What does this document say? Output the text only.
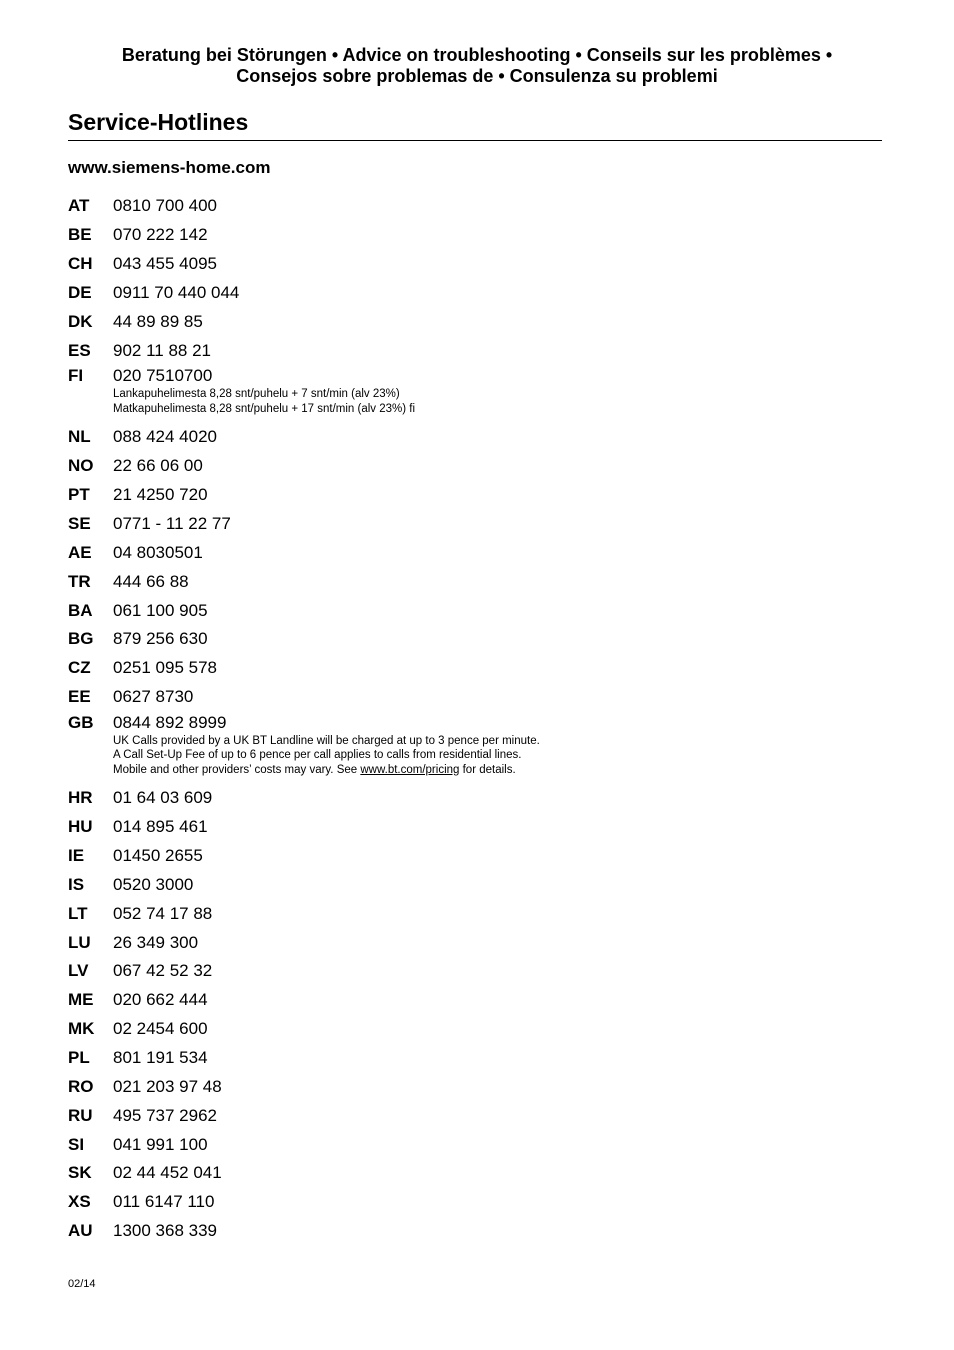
Beratung bei Störungen • Advice on troubleshooting • Conseils sur les problèmes •
Consejos sobre problemas de • Consulenza su problemi
Service-Hotlines
www.siemens-home.com
AT	0810 700 400
BE	070 222 142
CH	043 455 4095
DE	0911 70 440 044
DK	44 89 89 85
ES	902 11 88 21
FI	020 7510700
Lankapuhelimesta 8,28 snt/puhelu + 7 snt/min (alv 23%)
Matkapuhelimesta 8,28 snt/puhelu + 17 snt/min (alv 23%) fi
NL	088 424 4020
NO	22 66 06 00
PT	21 4250 720
SE	0771 - 11 22 77
AE	04 8030501
TR	444 66 88
BA	061 100 905
BG	879 256 630
CZ	0251 095 578
EE	0627 8730
GB	0844 892 8999
UK Calls provided by a UK BT Landline will be charged at up to 3 pence per minute.
A Call Set-Up Fee of up to 6 pence per call applies to calls from residential lines.
Mobile and other providers’ costs may vary. See www.bt.com/pricing for details.
HR	01 64 03 609
HU	014 895 461
IE	01450 2655
IS	0520 3000
LT	052 74 17 88
LU	26 349 300
LV	067 42 52 32
ME	020 662 444
MK	02 2454 600
PL	801 191 534
RO	021 203 97 48
RU	495 737 2962
SI	041 991 100
SK	02 44 452 041
XS	011 6147 110
AU	1300 368 339
02/14
